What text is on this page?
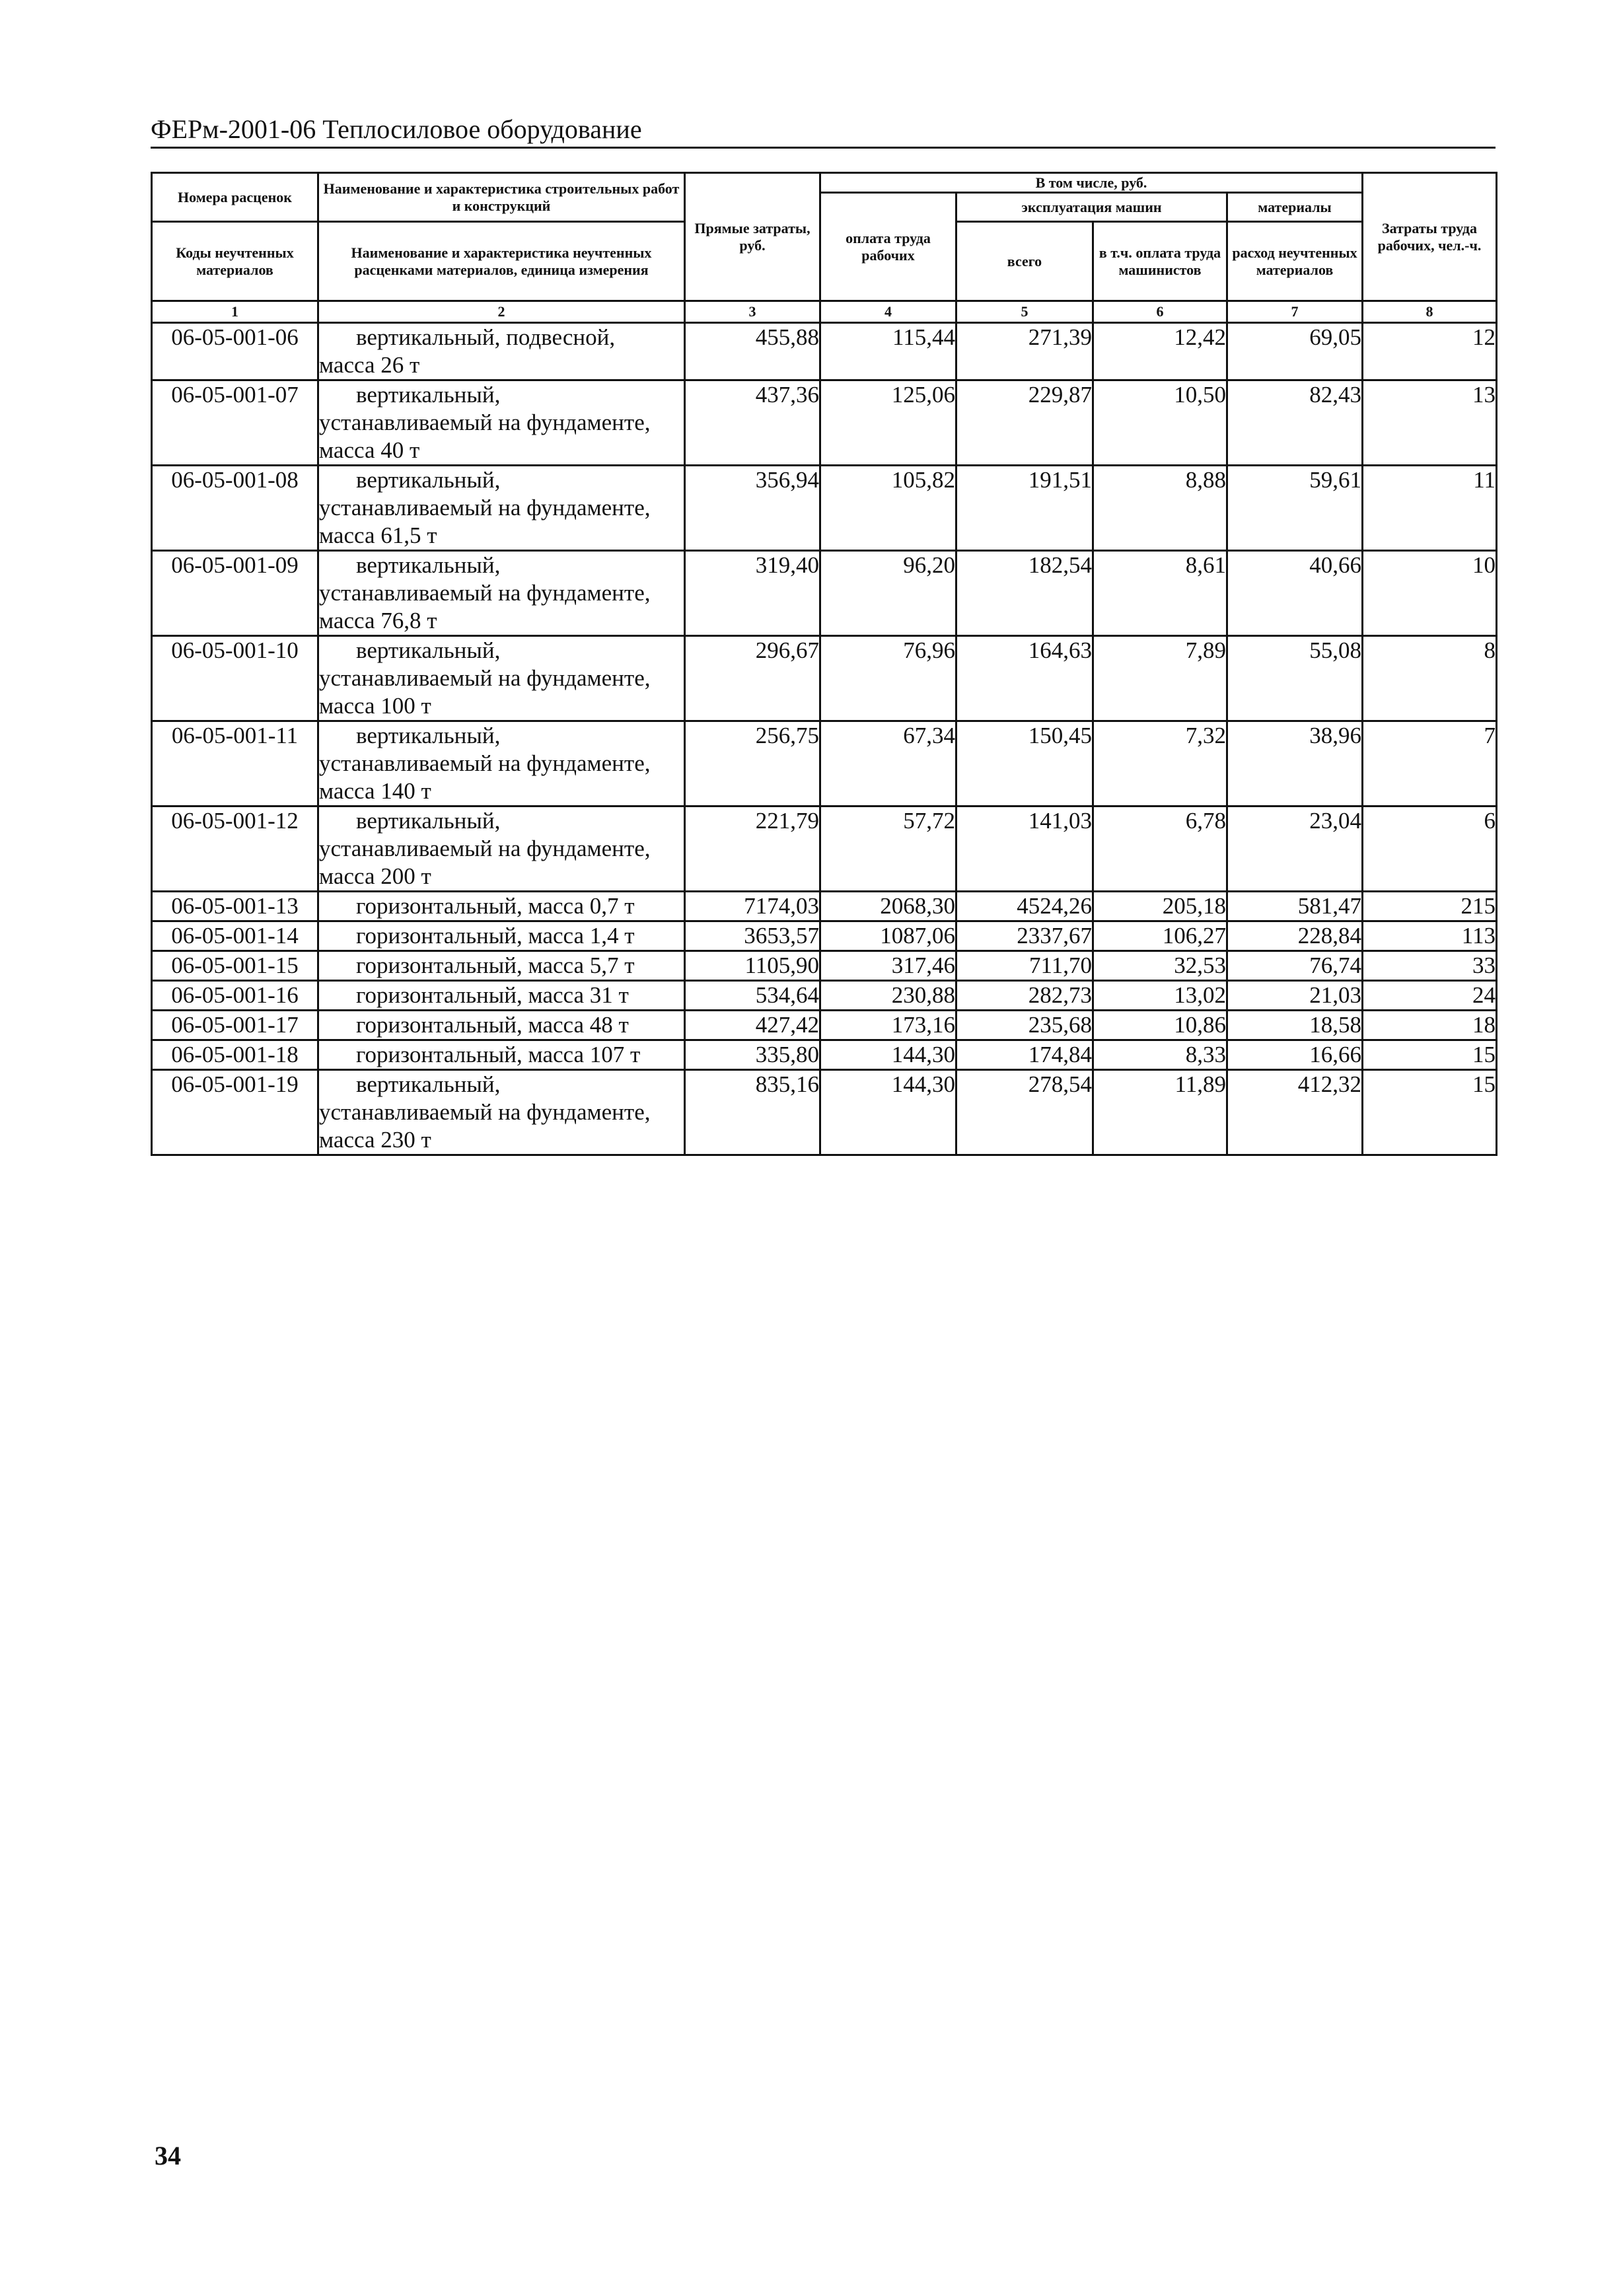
ФЕРм-2001-06 Теплосиловое оборудование
Номера расценок	Наименование и характеристика строительных работ и конструкций	Прямые затраты, руб.	В том числе, руб.				Затраты труда рабочих, чел.-ч.
			оплата труда рабочих	эксплуатация машин		материалы	
Коды неучтенных материалов	Наименование и характеристика неучтенных расценками материалов, единица измерения			всего	в т.ч. оплата труда машинистов	расход неучтенных материалов	

1	2	3	4	5	6	7	8
06-05-001-06	вертикальный, подвесной,
масса 26 т	455,88	115,44	271,39	12,42	69,05	12
06-05-001-07	вертикальный,
устанавливаемый на фундаменте,
масса 40 т	437,36	125,06	229,87	10,50	82,43	13
06-05-001-08	вертикальный,
устанавливаемый на фундаменте,
масса 61,5 т	356,94	105,82	191,51	8,88	59,61	11
06-05-001-09	вертикальный,
устанавливаемый на фундаменте,
масса 76,8 т	319,40	96,20	182,54	8,61	40,66	10
06-05-001-10	вертикальный,
устанавливаемый на фундаменте,
масса 100 т	296,67	76,96	164,63	7,89	55,08	8
06-05-001-11	вертикальный,
устанавливаемый на фундаменте,
масса 140 т	256,75	67,34	150,45	7,32	38,96	7
06-05-001-12	вертикальный,
устанавливаемый на фундаменте,
масса 200 т	221,79	57,72	141,03	6,78	23,04	6
06-05-001-13	горизонтальный, масса 0,7 т	7174,03	2068,30	4524,26	205,18	581,47	215
06-05-001-14	горизонтальный, масса 1,4 т	3653,57	1087,06	2337,67	106,27	228,84	113
06-05-001-15	горизонтальный, масса 5,7 т	1105,90	317,46	711,70	32,53	76,74	33
06-05-001-16	горизонтальный, масса 31 т	534,64	230,88	282,73	13,02	21,03	24
06-05-001-17	горизонтальный, масса 48 т	427,42	173,16	235,68	10,86	18,58	18
06-05-001-18	горизонтальный, масса 107 т	335,80	144,30	174,84	8,33	16,66	15
06-05-001-19	вертикальный,
устанавливаемый на фундаменте,
масса 230 т	835,16	144,30	278,54	11,89	412,32	15
34
